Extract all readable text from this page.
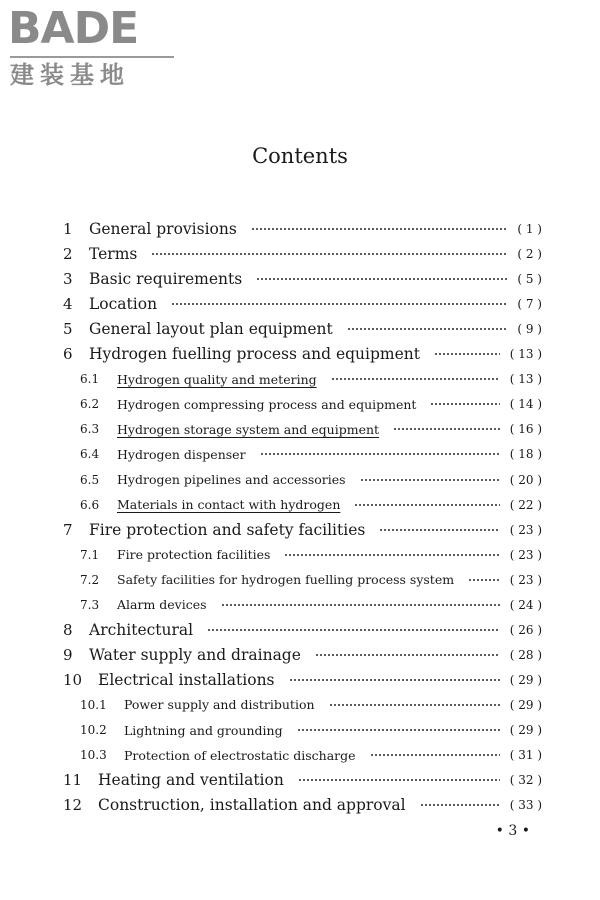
BADE
建装基地
Contents
1 General provisions	( 1 )
2 Terms	( 2 )
3 Basic requirements	( 5 )
4 Location	( 7 )
5 General layout plan equipment	( 9 )
6 Hydrogen fuelling process and equipment	( 13 )
6.1 Hydrogen quality and metering	( 13 )
6.2 Hydrogen compressing process and equipment	( 14 )
6.3 Hydrogen storage system and equipment	( 16 )
6.4 Hydrogen dispenser	( 18 )
6.5 Hydrogen pipelines and accessories	( 20 )
6.6 Materials in contact with hydrogen	( 22 )
7 Fire protection and safety facilities	( 23 )
7.1 Fire protection facilities	( 23 )
7.2 Safety facilities for hydrogen fuelling process system	( 23 )
7.3 Alarm devices	( 24 )
8 Architectural	( 26 )
9 Water supply and drainage	( 28 )
10 Electrical installations	( 29 )
10.1 Power supply and distribution	( 29 )
10.2 Lightning and grounding	( 29 )
10.3 Protection of electrostatic discharge	( 31 )
11 Heating and ventilation	( 32 )
12 Construction, installation and approval	( 33 )
• 3 •
